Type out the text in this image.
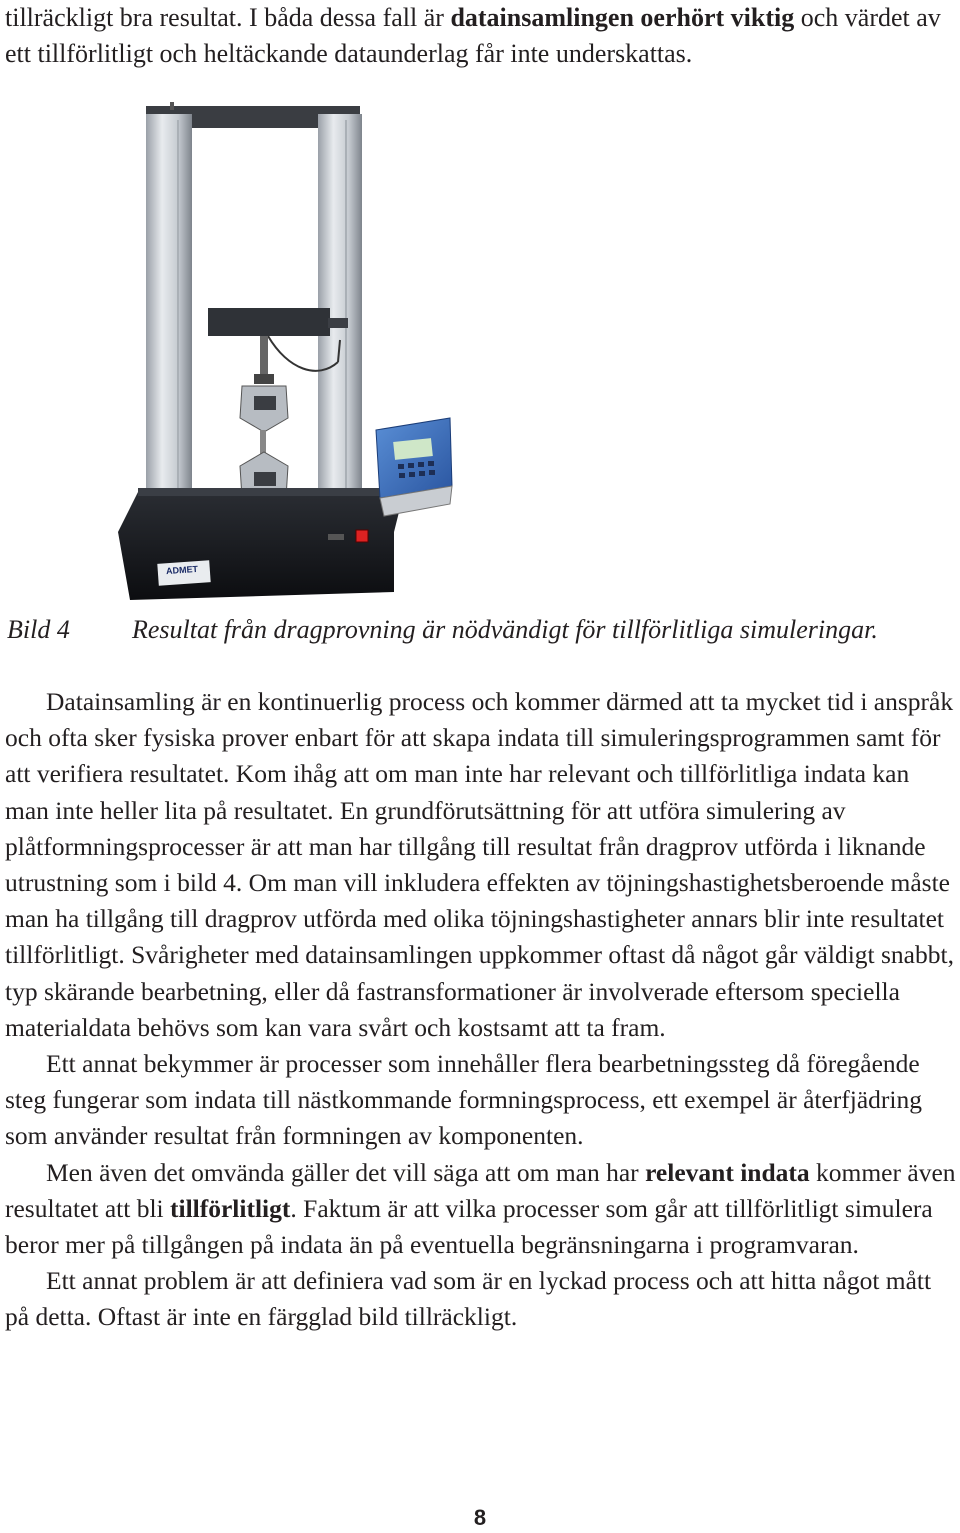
tillräckligt bra resultat. I båda dessa fall är datainsamlingen oerhört viktig och värdet av ett tillförlitligt och heltäckande dataunderlag får inte underskattas.

ADMET
Bild 4 Resultat från dragprovning är nödvändigt för tillförlitliga simuleringar.

Datainsamling är en kontinuerlig process och kommer därmed att ta mycket tid i anspråk och ofta sker fysiska prover enbart för att skapa indata till simuleringsprogrammen samt för att verifiera resultatet. Kom ihåg att om man inte har relevant och tillförlitliga indata kan man inte heller lita på resultatet. En grundförutsättning för att utföra simulering av plåtformningsprocesser är att man har tillgång till resultat från dragprov utförda i liknande utrustning som i bild 4. Om man vill inkludera effekten av töjningshastighetsberoende måste man ha tillgång till dragprov utförda med olika töjningshastigheter annars blir inte resultatet tillförlitligt. Svårigheter med datainsamlingen uppkommer oftast då något går väldigt snabbt, typ skärande bearbetning, eller då fastransformationer är involverade eftersom speciella materialdata behövs som kan vara svårt och kostsamt att ta fram.

Ett annat bekymmer är processer som innehåller flera bearbetningssteg då föregående steg fungerar som indata till nästkommande formningsprocess, ett exempel är återfjädring som använder resultat från formningen av komponenten.

Men även det omvända gäller det vill säga att om man har relevant indata kommer även resultatet att bli tillförlitligt. Faktum är att vilka processer som går att tillförlitligt simulera beror mer på tillgången på indata än på eventuella begränsningarna i programvaran.

Ett annat problem är att definiera vad som är en lyckad process och att hitta något mått på detta. Oftast är inte en färgglad bild tillräckligt.

8
